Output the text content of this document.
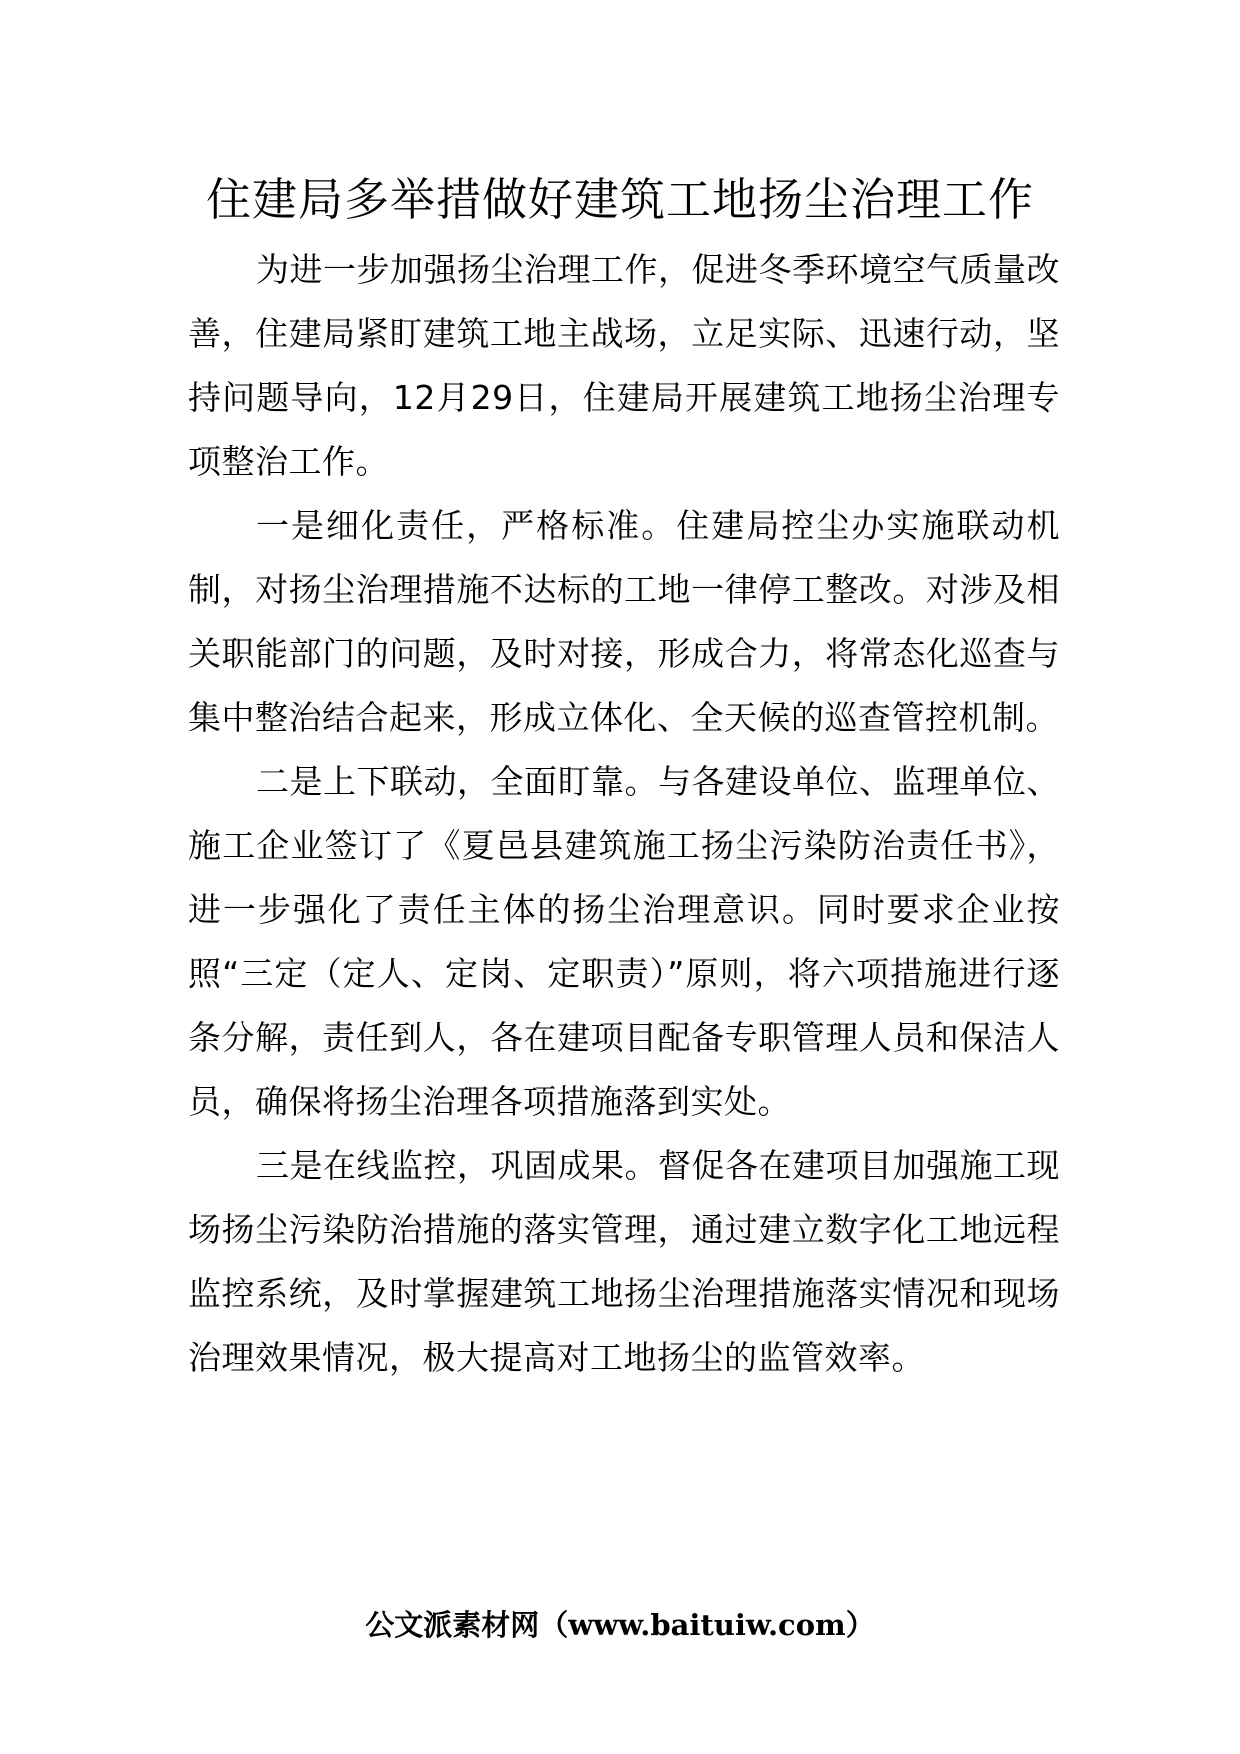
住建局多举措做好建筑工地扬尘治理工作

为进一步加强扬尘治理工作，促进冬季环境空气质量改善，住建局紧盯建筑工地主战场，立足实际、迅速行动，坚持问题导向，12月29日，住建局开展建筑工地扬尘治理专项整治工作。

一是细化责任，严格标准。住建局控尘办实施联动机制，对扬尘治理措施不达标的工地一律停工整改。对涉及相关职能部门的问题，及时对接，形成合力，将常态化巡查与集中整治结合起来，形成立体化、全天候的巡查管控机制。

二是上下联动，全面盯靠。与各建设单位、监理单位、施工企业签订了《夏邑县建筑施工扬尘污染防治责任书》，进一步强化了责任主体的扬尘治理意识。同时要求企业按照“三定（定人、定岗、定职责）”原则，将六项措施进行逐条分解，责任到人，各在建项目配备专职管理人员和保洁人员，确保将扬尘治理各项措施落到实处。

三是在线监控，巩固成果。督促各在建项目加强施工现场扬尘污染防治措施的落实管理，通过建立数字化工地远程监控系统，及时掌握建筑工地扬尘治理措施落实情况和现场治理效果情况，极大提高对工地扬尘的监管效率。

公文派素材网（www.baituiw.com）
